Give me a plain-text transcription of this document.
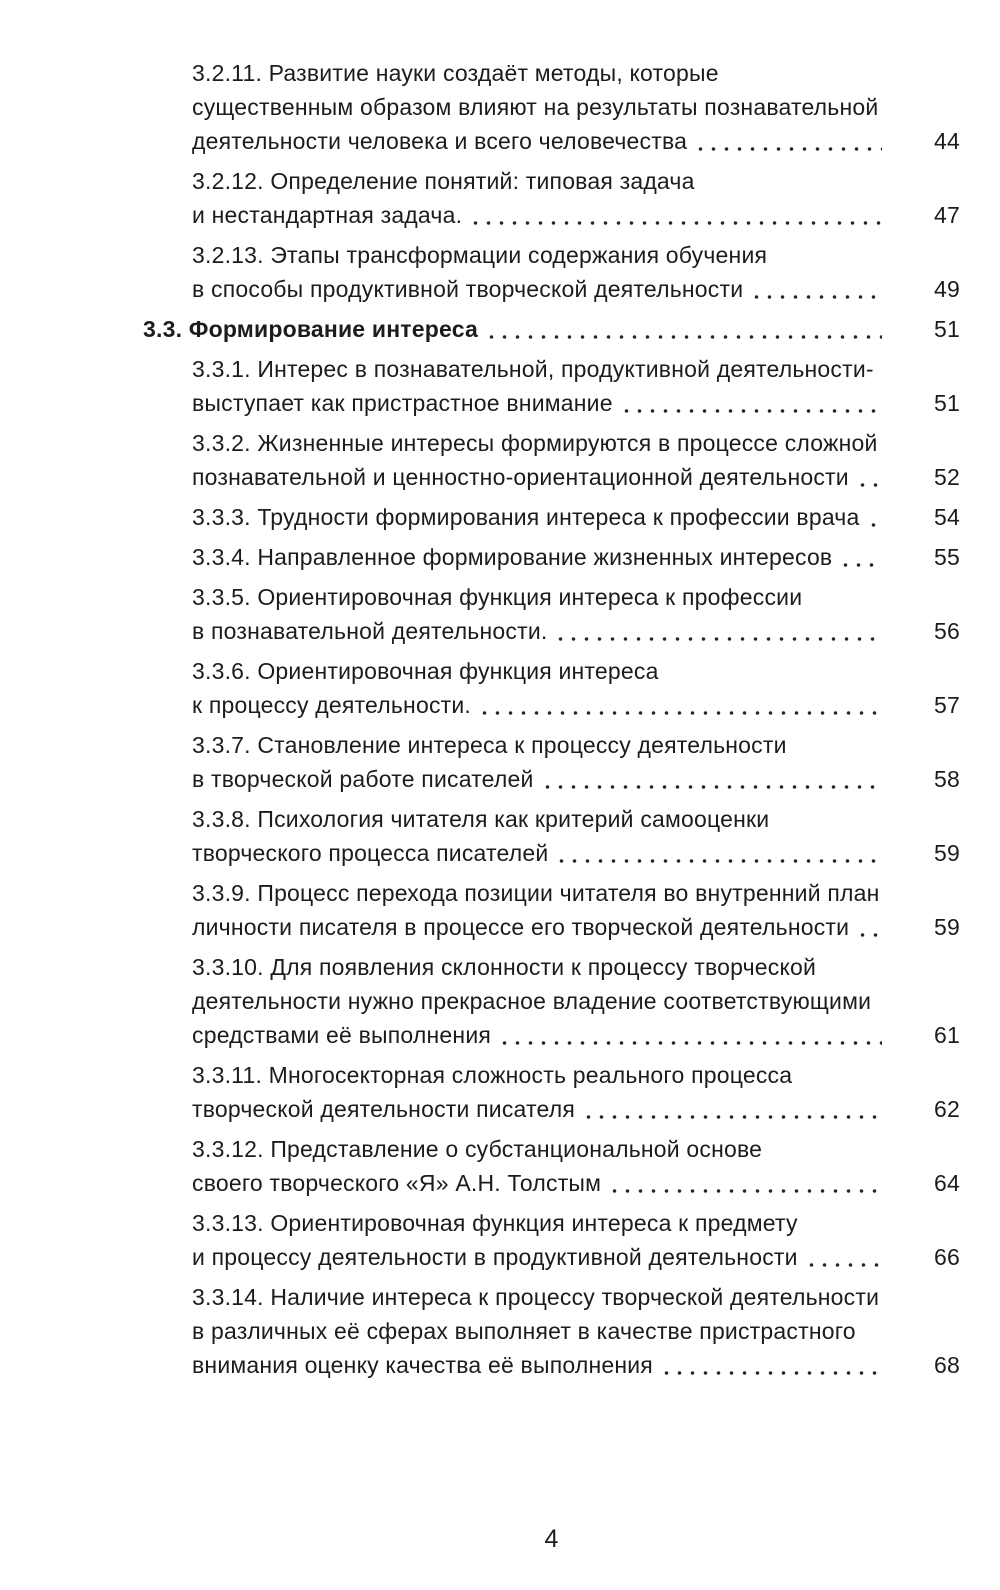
3.2.11. Развитие науки создаёт методы, которые
существенным образом влияют на результаты познавательной
деятельности человека и всего человечества	44
3.2.12. Определение понятий: типовая задача
и нестандартная задача.	47
3.2.13. Этапы трансформации содержания обучения
в способы продуктивной творческой деятельности	49
3.3. Формирование интереса	51
3.3.1. Интерес в познавательной, продуктивной деятельности-
выступает как пристрастное внимание	51
3.3.2. Жизненные интересы формируются в процессе сложной
познавательной и ценностно-ориентационной деятельности	52
3.3.3. Трудности формирования интереса к профессии врача	54
3.3.4. Направленное формирование жизненных интересов	55
3.3.5. Ориентировочная функция интереса к профессии
в познавательной деятельности.	56
3.3.6. Ориентировочная функция интереса
к процессу деятельности.	57
3.3.7. Становление интереса к процессу деятельности
в творческой работе писателей	58
3.3.8. Психология читателя как критерий самооценки
творческого процесса писателей	59
3.3.9. Процесс перехода позиции читателя во внутренний план
личности писателя в процессе его творческой деятельности	59
3.3.10. Для появления склонности к процессу творческой
деятельности нужно прекрасное владение соответствующими
средствами её выполнения	61
3.3.11. Многосекторная сложность реального процесса
творческой деятельности писателя	62
3.3.12. Представление о субстанциональной основе
своего творческого «Я» А.Н. Толстым	64
3.3.13. Ориентировочная функция интереса к предмету
и процессу деятельности в продуктивной деятельности	66
3.3.14. Наличие интереса к процессу творческой деятельности
в различных её сферах выполняет в качестве пристрастного
внимания оценку качества её выполнения	68
4
